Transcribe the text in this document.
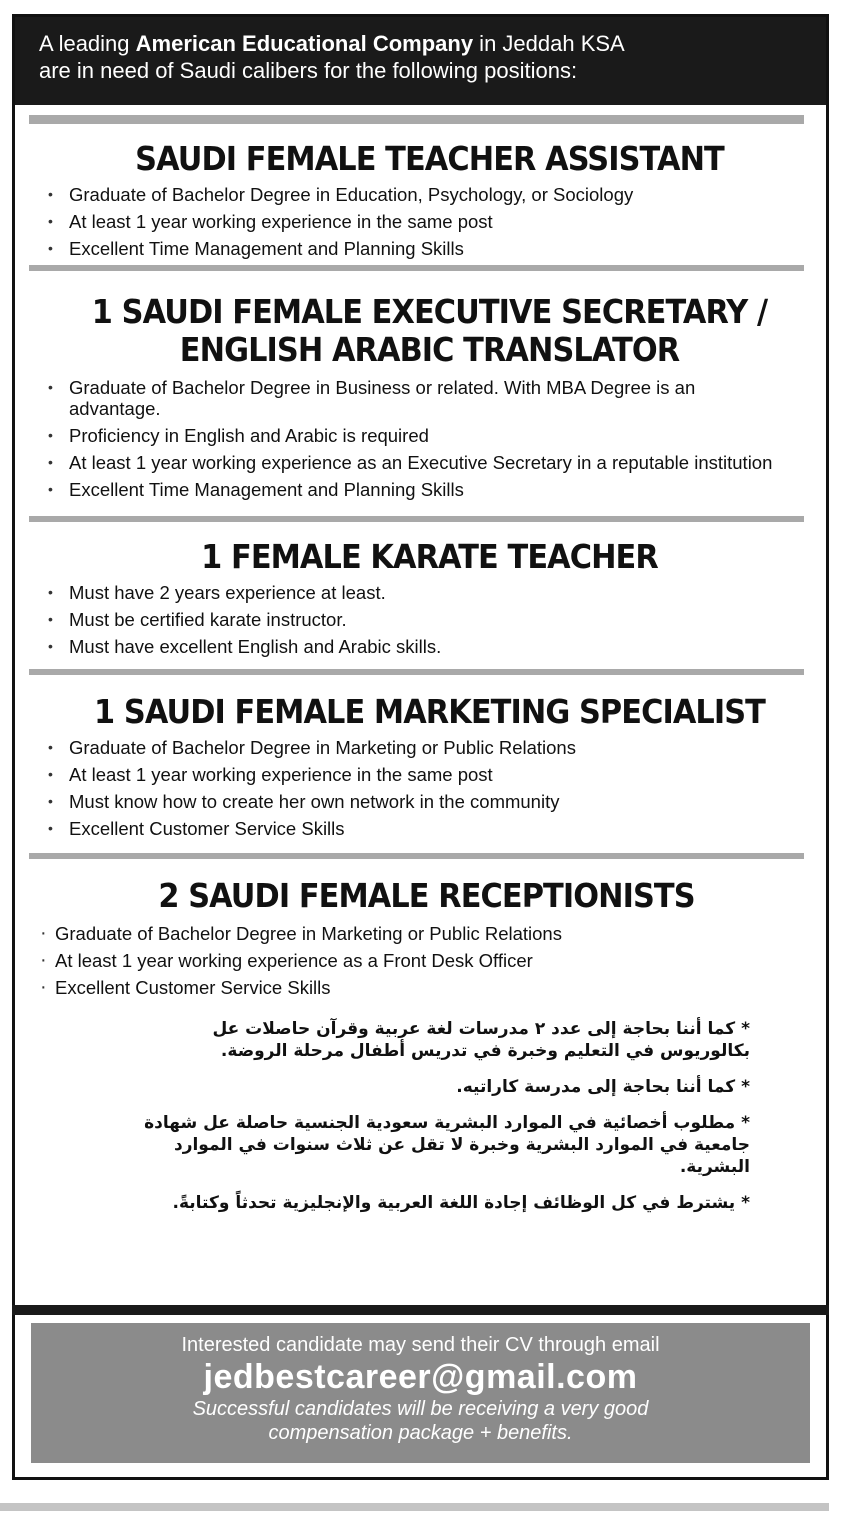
A leading American Educational Company in Jeddah KSA
are in need of Saudi calibers for the following positions:
SAUDI FEMALE TEACHER ASSISTANT
• Graduate of Bachelor Degree in Education, Psychology, or Sociology
• At least 1 year working experience in the same post
• Excellent Time Management and Planning Skills
1 SAUDI FEMALE EXECUTIVE SECRETARY /
ENGLISH ARABIC TRANSLATOR
• Graduate of Bachelor Degree in Business or related. With MBA Degree is an advantage.
• Proficiency in English and Arabic is required
• At least 1 year working experience as an Executive Secretary in a reputable institution
• Excellent Time Management and Planning Skills
1 FEMALE KARATE TEACHER
• Must have 2 years experience at least.
• Must be certified karate instructor.
• Must have excellent English and Arabic skills.
1 SAUDI FEMALE MARKETING SPECIALIST
• Graduate of Bachelor Degree in Marketing or Public Relations
• At least 1 year working experience in the same post
• Must know how to create her own network in the community
• Excellent Customer Service Skills
2 SAUDI FEMALE RECEPTIONISTS
· Graduate of Bachelor Degree in Marketing or Public Relations
· At least 1 year working experience as a Front Desk Officer
· Excellent Customer Service Skills

* كما أننا بحاجة إلى عدد ٢ مدرسات لغة عربية وقرآن حاصلات عل بكالوريوس في التعليم وخبرة في تدريس أطفال مرحلة الروضة.

* كما أننا بحاجة إلى مدرسة كاراتيه.

* مطلوب أخصائية في الموارد البشرية سعودية الجنسية حاصلة عل شهادة جامعية في الموارد البشرية وخبرة لا تقل عن ثلاث سنوات في الموارد البشرية.

* يشترط في كل الوظائف إجادة اللغة العربية والإنجليزية تحدثاً وكتابةً.

Interested candidate may send their CV through email
jedbestcareer@gmail.com
Successful candidates will be receiving a very good
compensation package + benefits.
